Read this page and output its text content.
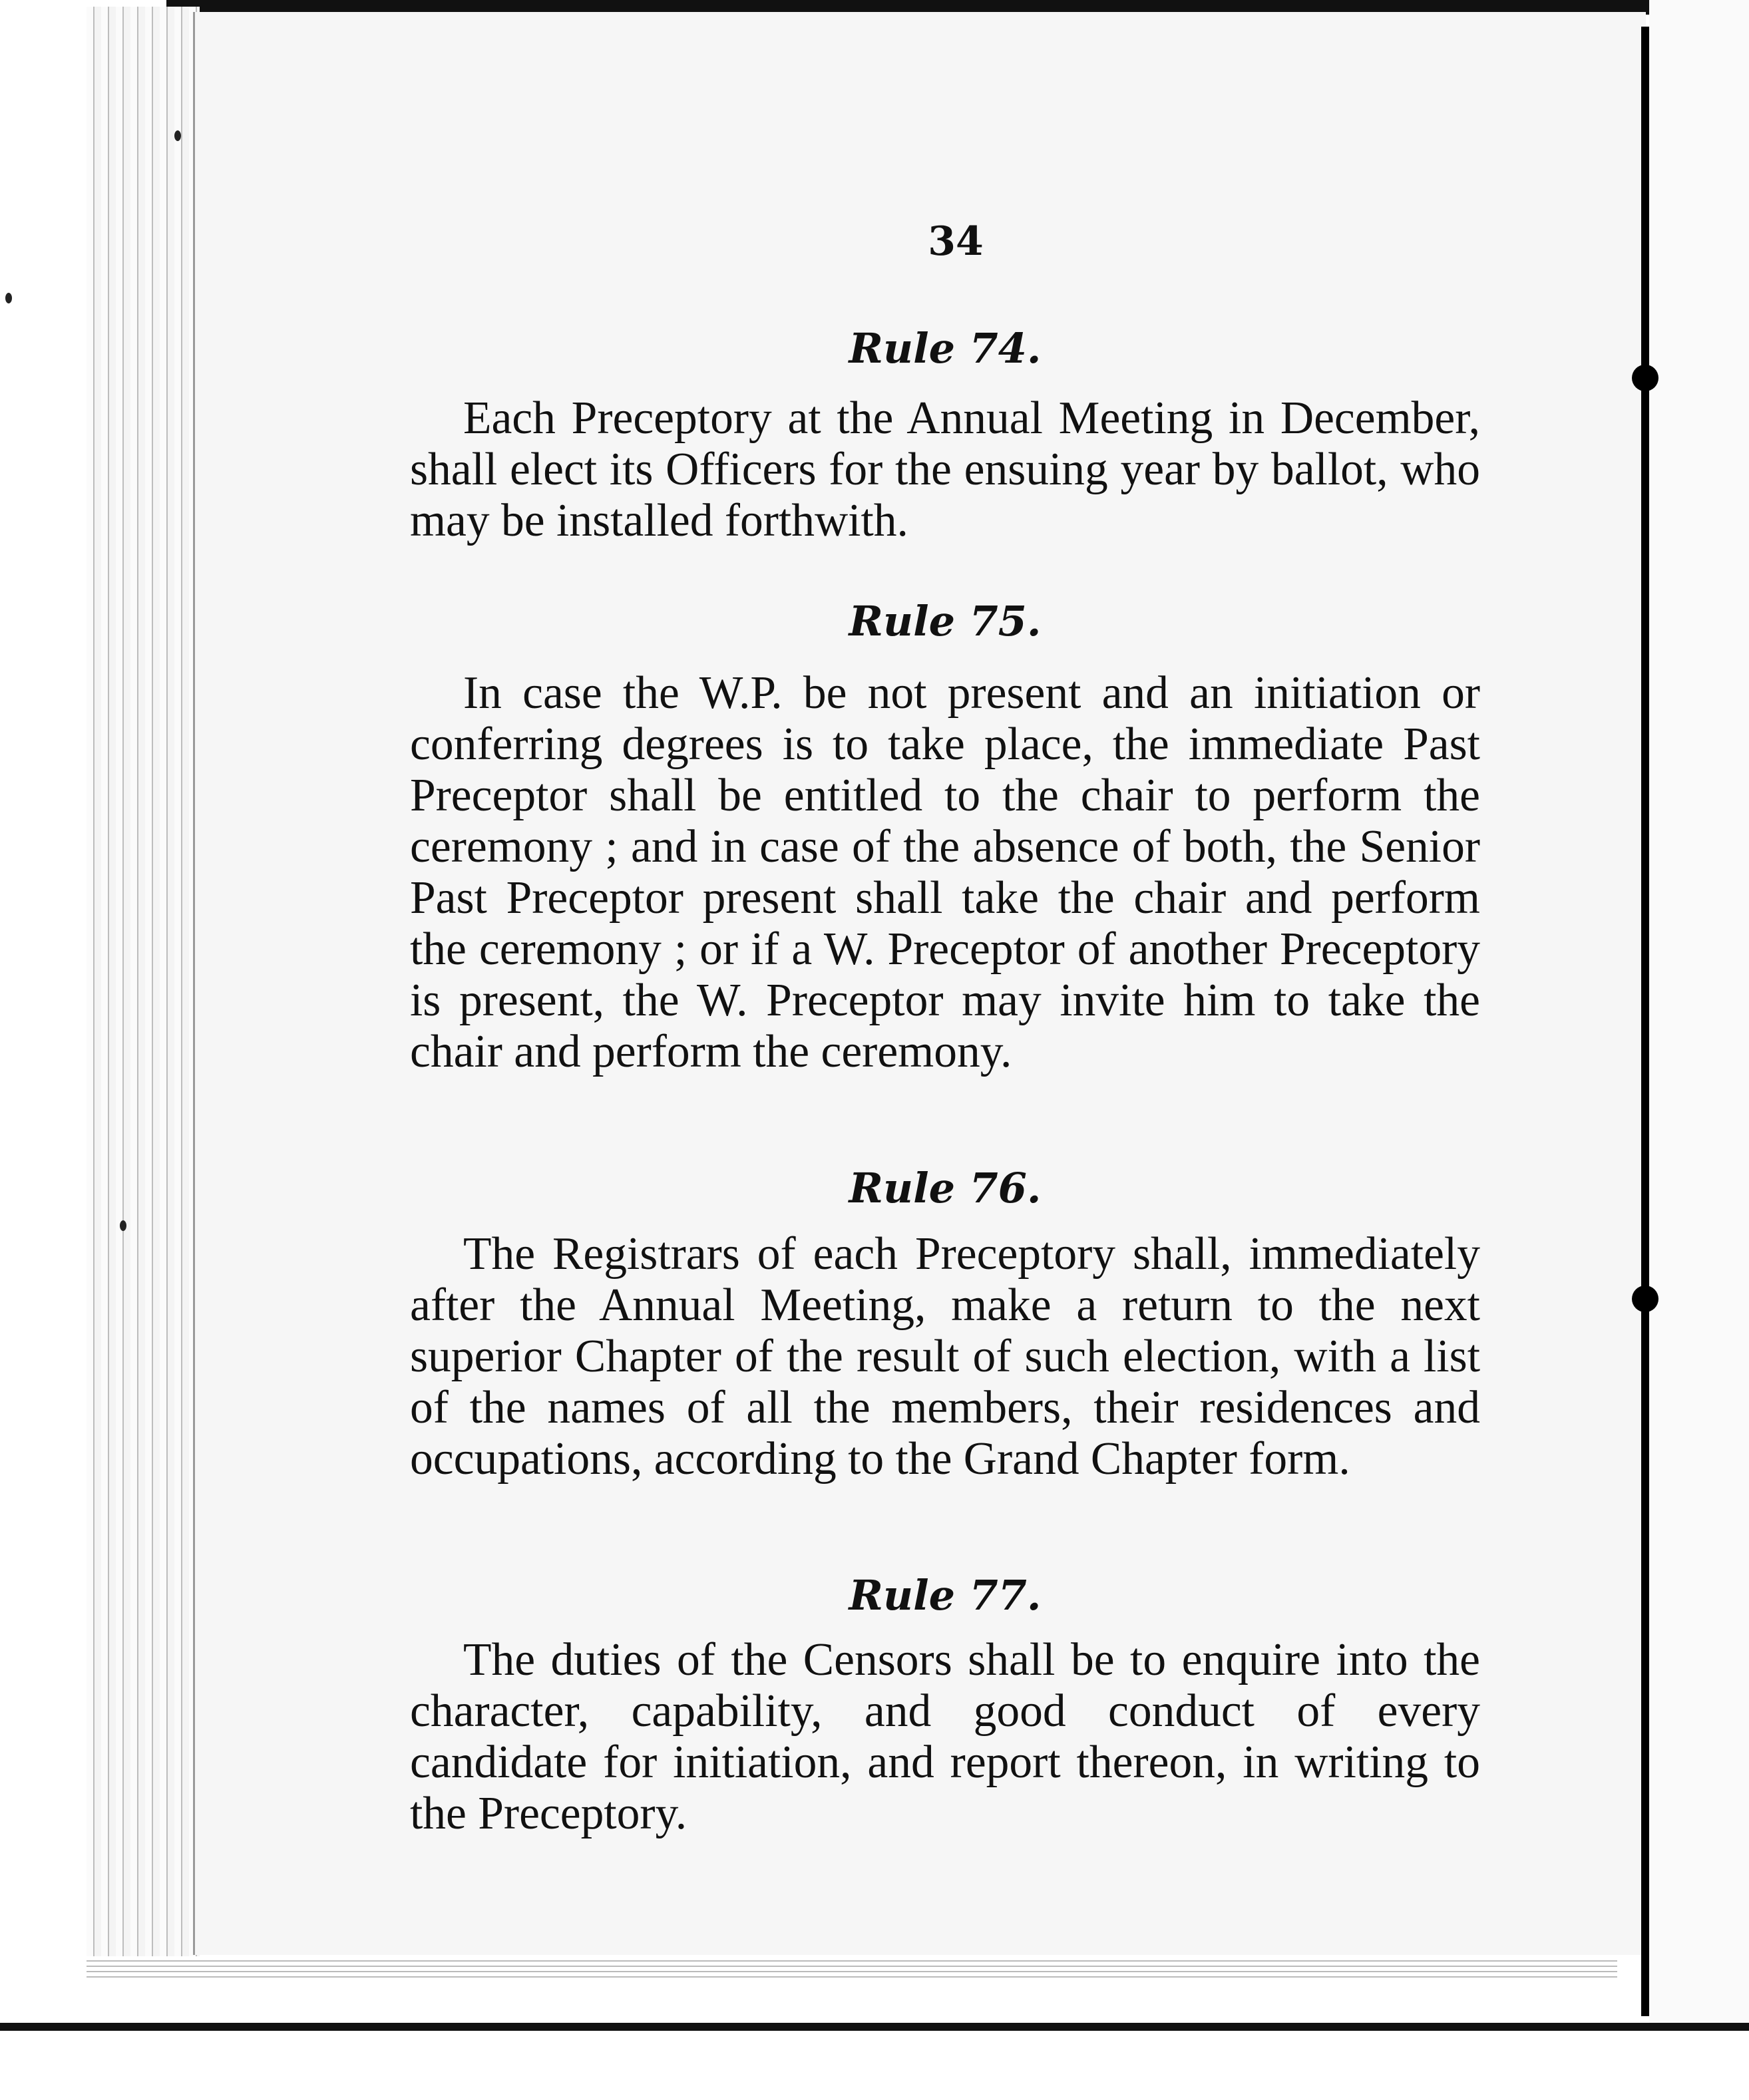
34
Rule 74.

Each Preceptory at the Annual Meeting in December, shall elect its Officers for the ensuing year by ballot, who may be installed forthwith.

Rule 75.

In case the W.P. be not present and an initiation or conferring degrees is to take place, the immediate Past Preceptor shall be entitled to the chair to perform the ceremony ; and in case of the absence of both, the Senior Past Preceptor present shall take the chair and perform the ceremony ; or if a W. Preceptor of another Preceptory is present, the W. Preceptor may invite him to take the chair and perform the ceremony.

Rule 76.

The Registrars of each Preceptory shall, immediately after the Annual Meeting, make a return to the next superior Chapter of the result of such election, with a list of the names of all the members, their residences and occupations, according to the Grand Chapter form.

Rule 77.

The duties of the Censors shall be to enquire into the character, capability, and good conduct of every candidate for initiation, and report thereon, in writing to the Preceptory.
